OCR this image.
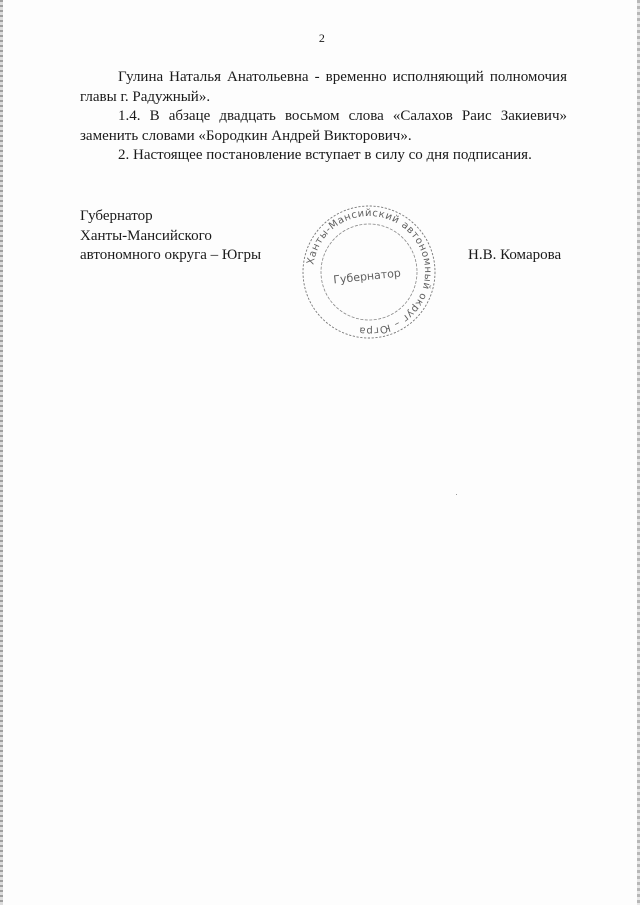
2

Гулина Наталья Анатольевна - временно исполняющий полномочия главы г. Радужный».

1.4. В абзаце двадцать восьмом слова «Салахов Раис Закиевич» заменить словами «Бородкин Андрей Викторович».

2. Настоящее постановление вступает в силу со дня подписания.

Губернатор
Ханты-Мансийского
автономного округа – Югры	Ханты-Мансийский автономный округ – Югра
Губернатор
Н.В. Комарова
